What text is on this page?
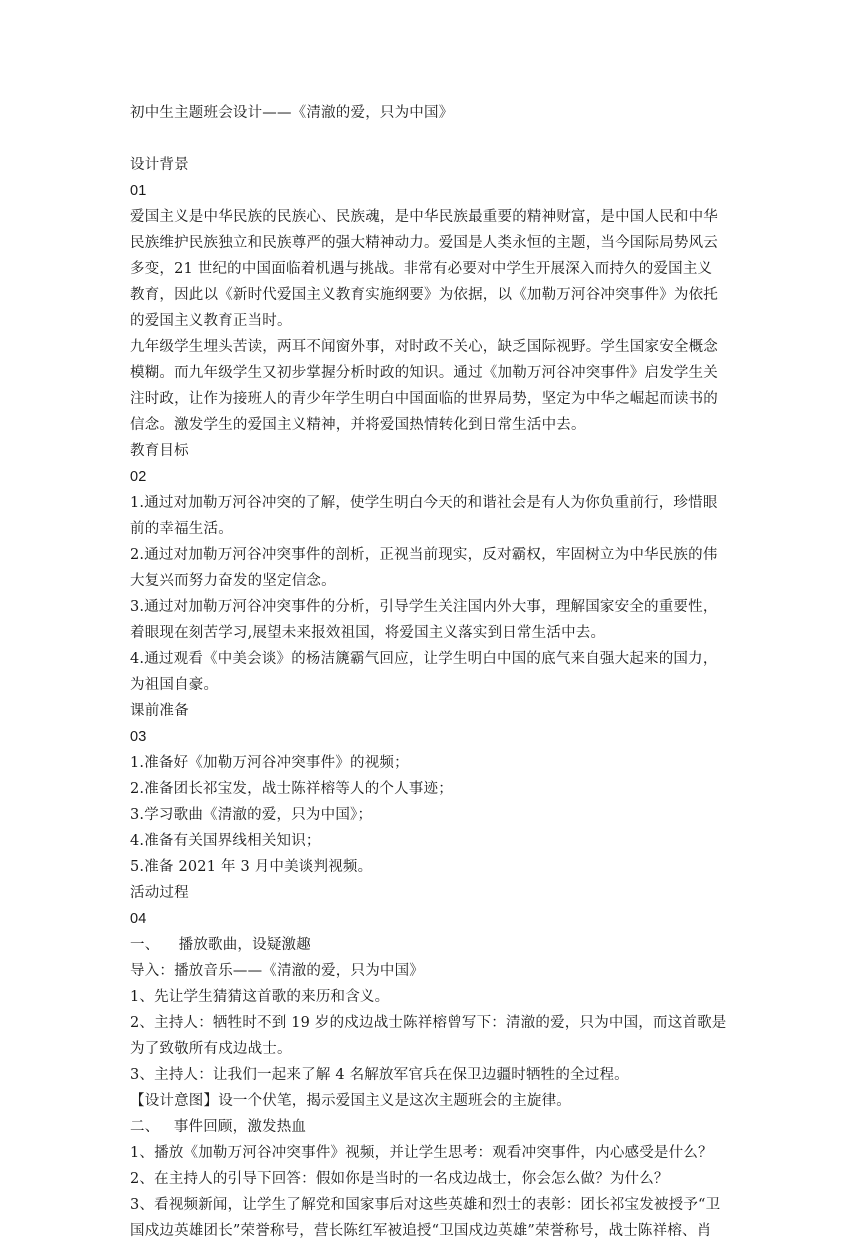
初中生主题班会设计——《清澈的爱，只为中国》
设计背景
01
爱国主义是中华民族的民族心、民族魂，是中华民族最重要的精神财富，是中国人民和中华
民族维护民族独立和民族尊严的强大精神动力。爱国是人类永恒的主题，当今国际局势风云
多变，21 世纪的中国面临着机遇与挑战。非常有必要对中学生开展深入而持久的爱国主义
教育，因此以《新时代爱国主义教育实施纲要》为依据，以《加勒万河谷冲突事件》为依托
的爱国主义教育正当时。
九年级学生埋头苦读，两耳不闻窗外事，对时政不关心，缺乏国际视野。学生国家安全概念
模糊。而九年级学生又初步掌握分析时政的知识。通过《加勒万河谷冲突事件》启发学生关
注时政，让作为接班人的青少年学生明白中国面临的世界局势，坚定为中华之崛起而读书的
信念。激发学生的爱国主义精神，并将爱国热情转化到日常生活中去。
教育目标
02
1.通过对加勒万河谷冲突的了解，使学生明白今天的和谐社会是有人为你负重前行，珍惜眼
前的幸福生活。
2.通过对加勒万河谷冲突事件的剖析，正视当前现实，反对霸权，牢固树立为中华民族的伟
大复兴而努力奋发的坚定信念。
3.通过对加勒万河谷冲突事件的分析，引导学生关注国内外大事，理解国家安全的重要性，
着眼现在刻苦学习,展望未来报效祖国，将爱国主义落实到日常生活中去。
4.通过观看《中美会谈》的杨洁篪霸气回应，让学生明白中国的底气来自强大起来的国力，
为祖国自豪。
课前准备
03
1.准备好《加勒万河谷冲突事件》的视频；
2.准备团长祁宝发，战士陈祥榕等人的个人事迹；
3.学习歌曲《清澈的爱，只为中国》；
4.准备有关国界线相关知识；
5.准备 2021 年 3 月中美谈判视频。
活动过程
04
一、    播放歌曲，设疑激趣
导入：播放音乐——《清澈的爱，只为中国》
1、先让学生猜猜这首歌的来历和含义。
2、主持人：牺牲时不到 19 岁的戍边战士陈祥榕曾写下：清澈的爱，只为中国，而这首歌是
为了致敬所有戍边战士。
3、主持人：让我们一起来了解 4 名解放军官兵在保卫边疆时牺牲的全过程。
【设计意图】设一个伏笔，揭示爱国主义是这次主题班会的主旋律。
二、   事件回顾，激发热血
1、播放《加勒万河谷冲突事件》视频，并让学生思考：观看冲突事件，内心感受是什么？
2、在主持人的引导下回答：假如你是当时的一名戍边战士，你会怎么做？为什么？
3、看视频新闻，让学生了解党和国家事后对这些英雄和烈士的表彰：团长祁宝发被授予“卫
国戍边英雄团长”荣誉称号，营长陈红军被追授“卫国戍边英雄”荣誉称号，战士陈祥榕、肖
